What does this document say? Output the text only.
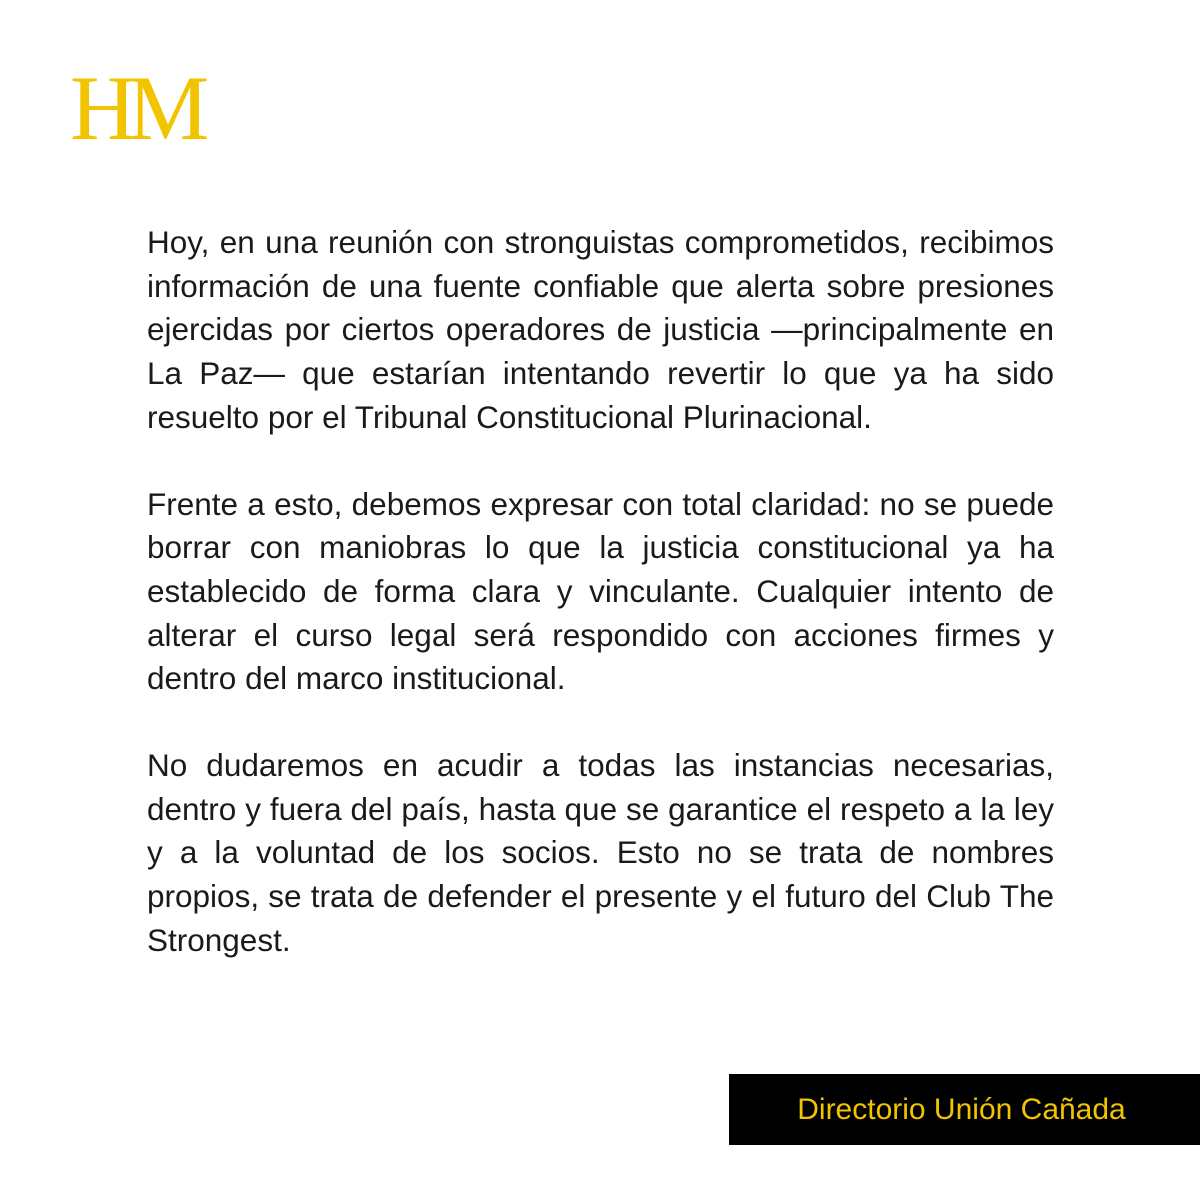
HM

Hoy, en una reunión con stronguistas comprometidos, recibimos información de una fuente confiable que alerta sobre presiones ejercidas por ciertos operadores de justicia —principalmente en La Paz— que estarían intentando revertir lo que ya ha sido resuelto por el Tribunal Constitucional Plurinacional.

Frente a esto, debemos expresar con total claridad: no se puede borrar con maniobras lo que la justicia constitucional ya ha establecido de forma clara y vinculante. Cualquier intento de alterar el curso legal será respondido con acciones firmes y dentro del marco institucional.

No dudaremos en acudir a todas las instancias necesarias, dentro y fuera del país, hasta que se garantice el respeto a la ley y a la voluntad de los socios. Esto no se trata de nombres propios, se trata de defender el presente y el futuro del Club The Strongest.

Directorio Unión Cañada
